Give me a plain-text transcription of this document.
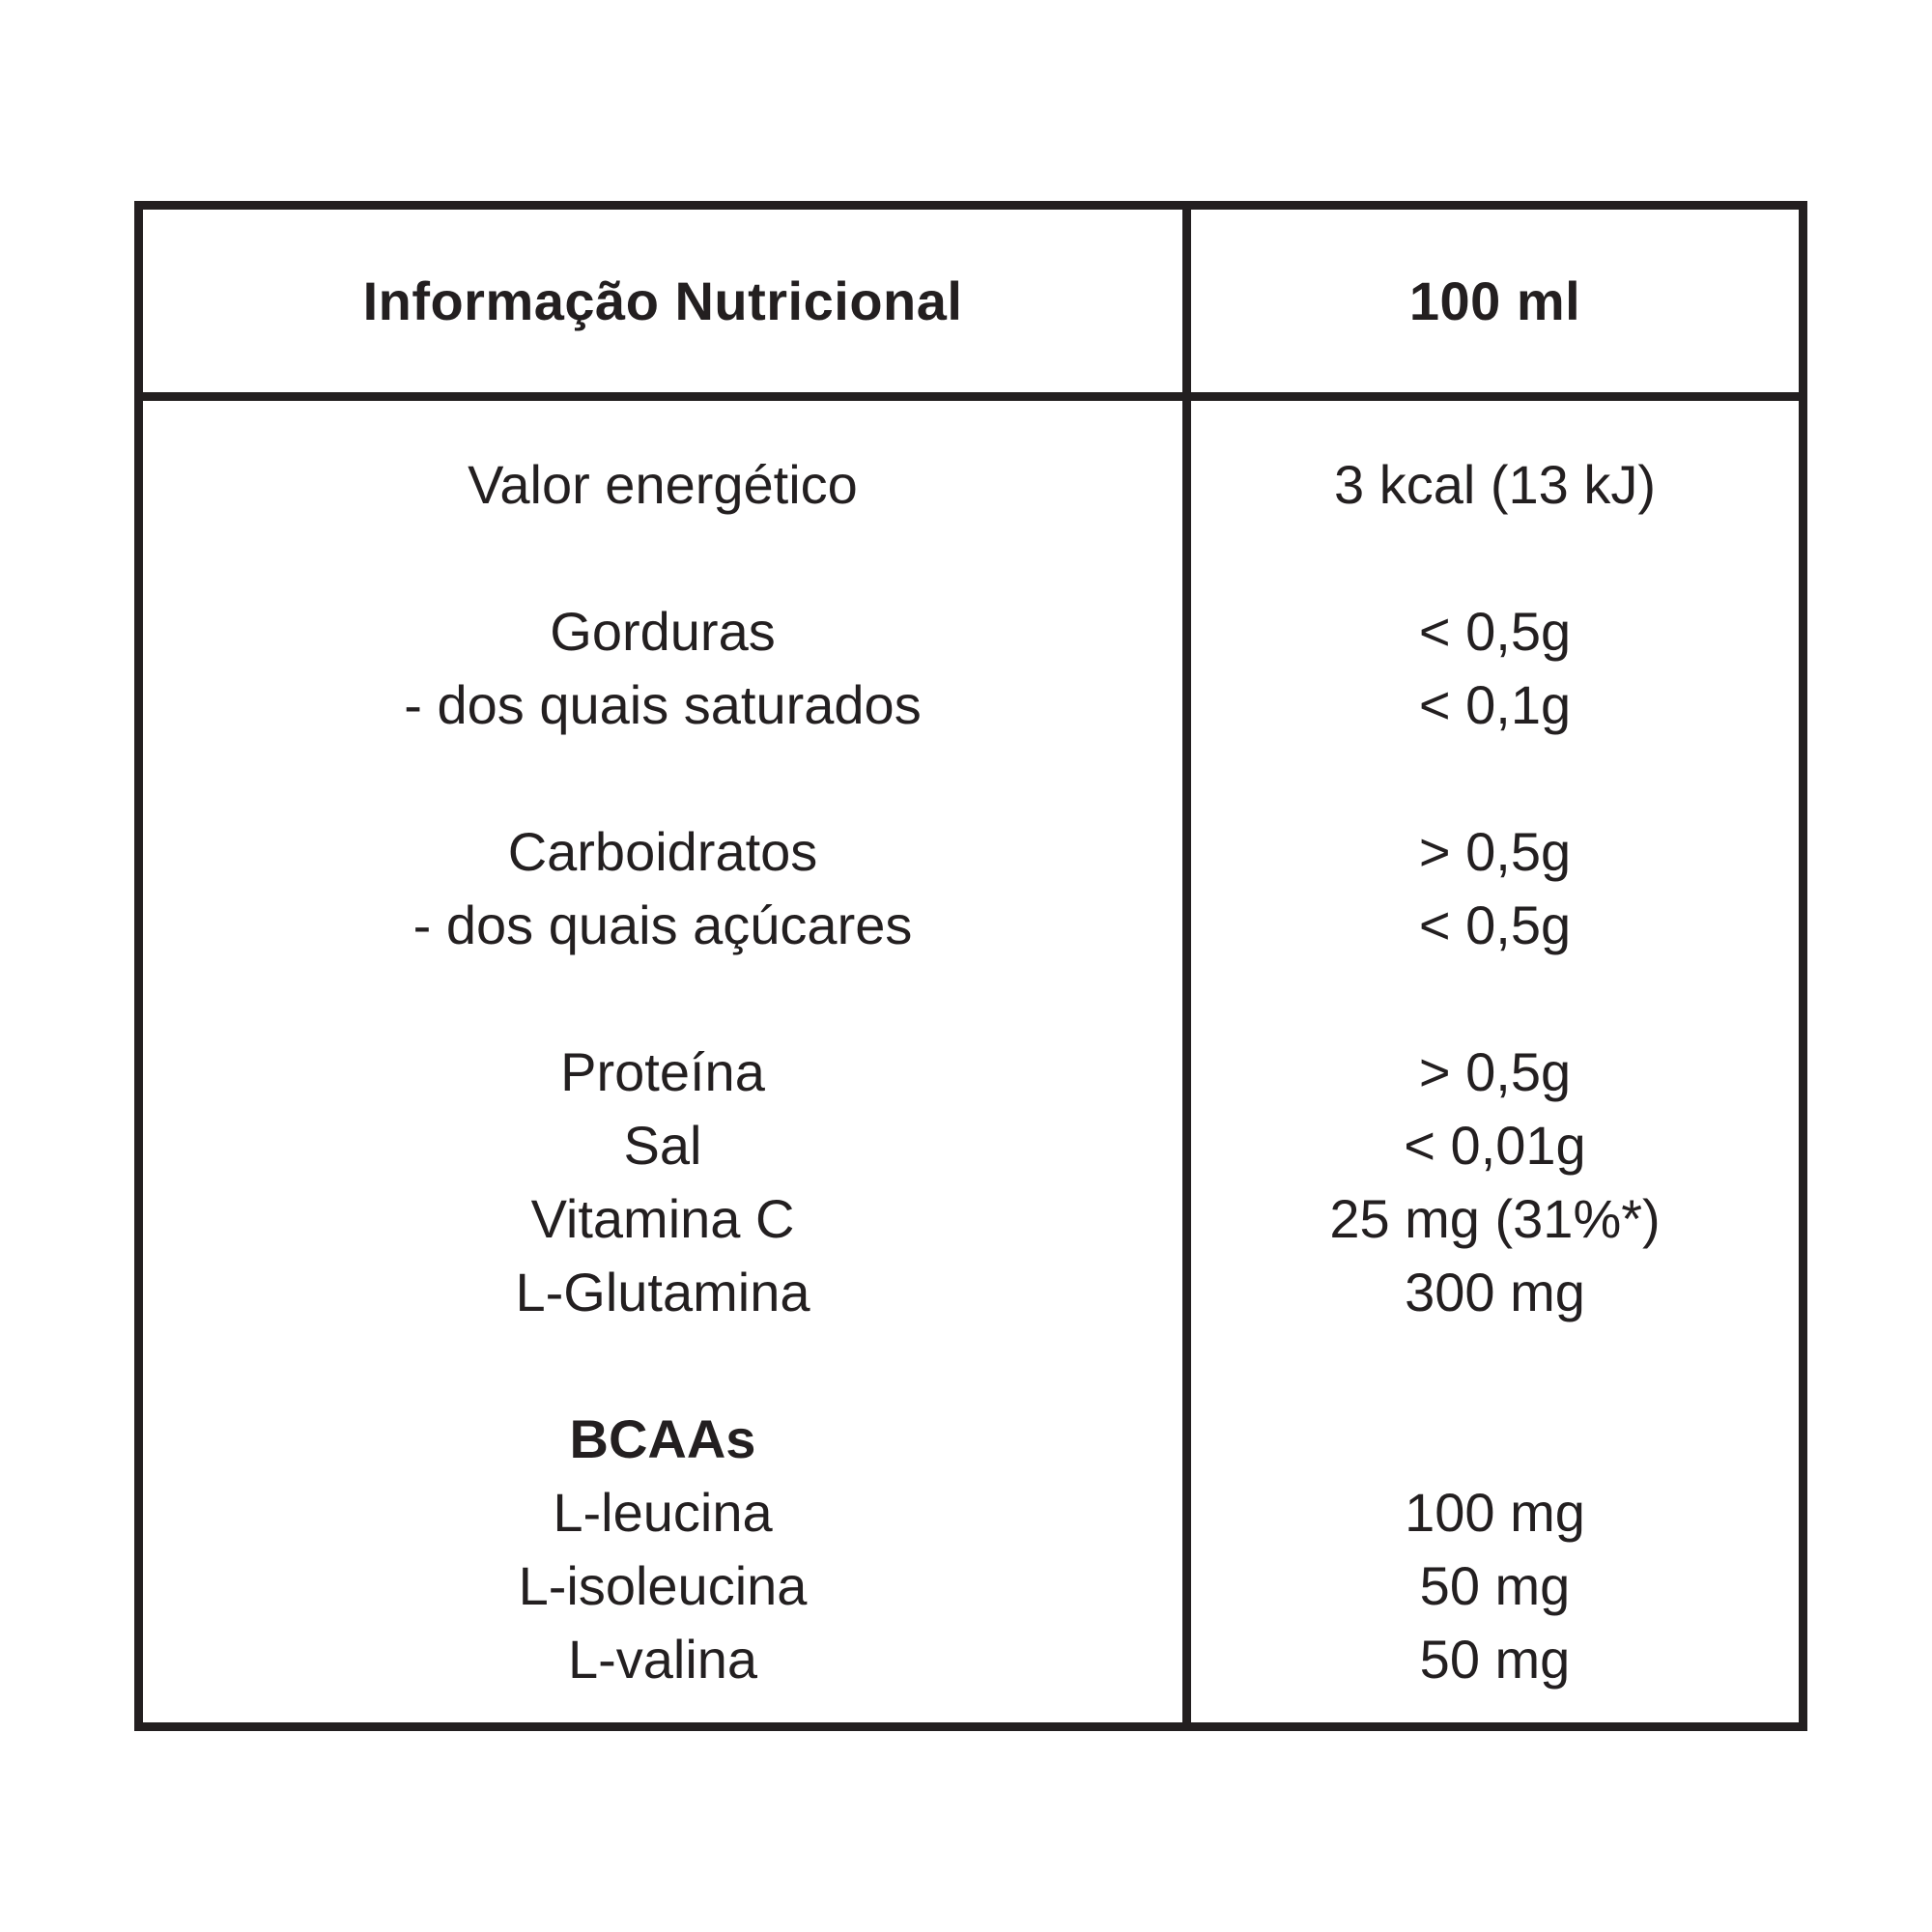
Informação Nutricional	100 ml
Valor energético	3 kcal (13 kJ)
Gorduras	< 0,5g
- dos quais saturados	< 0,1g
Carboidratos	> 0,5g
- dos quais açúcares	< 0,5g
Proteína	> 0,5g
Sal	< 0,01g
Vitamina C	25 mg (31%*)
L-Glutamina	300 mg
BCAAs
L-leucina	100 mg
L-isoleucina	50 mg
L-valina	50 mg
